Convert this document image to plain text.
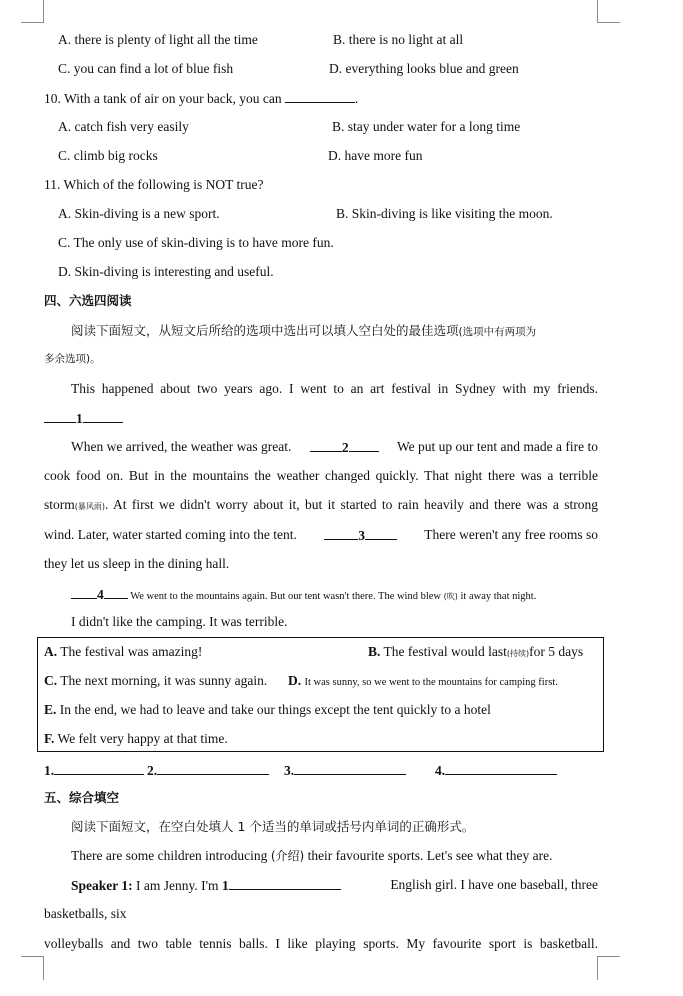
A. there is plenty of light all the time	B. there is no light at all
C. you can find a lot of blue fish	D. everything looks blue and green
10. With a tank of air on your back, you can	.
A. catch fish very easily	B. stay under water for a long time
C. climb big rocks	D. have more fun
11. Which of the following is NOT true?
A. Skin-diving is a new sport.	B. Skin-diving is like visiting the moon.
C. The only use of skin-diving is to have more fun.
D. Skin-diving is interesting and useful.
四、六选四阅读
阅读下面短文，从短文后所给的选项中选出可以填人空白处的最佳选项(选项中有两项为
多余选项)。
This happened about two years ago. I went to an art festival in Sydney with my friends.
1
When we arrived, the weather was great.	2	We put up our tent and made a fire to
cook food on. But in the mountains the weather changed quickly. That night there was a terrible
storm(暴风雨) . At first we didn't worry about it, but it started to rain heavily and there was a strong
wind. Later, water started coming into the tent.	3	There weren't any free rooms so
they let us sleep in the dining hall.
4	We went to the mountains again. But our tent wasn't there. The wind blew (吹) it away that night.
I didn't like the camping. It was terrible.
A. The festival was amazing!	B. The festival would last(持续)for 5 days
C. The next morning, it was sunny again. D. It was sunny, so we went to the mountains for camping first.
E. In the end, we had to leave and take our things except the tent quickly to a hotel
F. We felt very happy at that time.
1.	2.	3.	4.
五、综合填空
阅读下面短文，在空白处填人 1 个适当的单词或括号内单词的正确形式。
There are some children introducing (介绍) their favourite sports. Let's see what they are.
Speaker 1: I am Jenny. I'm 1	English girl. I have one baseball, three
basketballs, six
volleyballs and two table tennis balls. I like playing sports. My favourite sport is basketball.
